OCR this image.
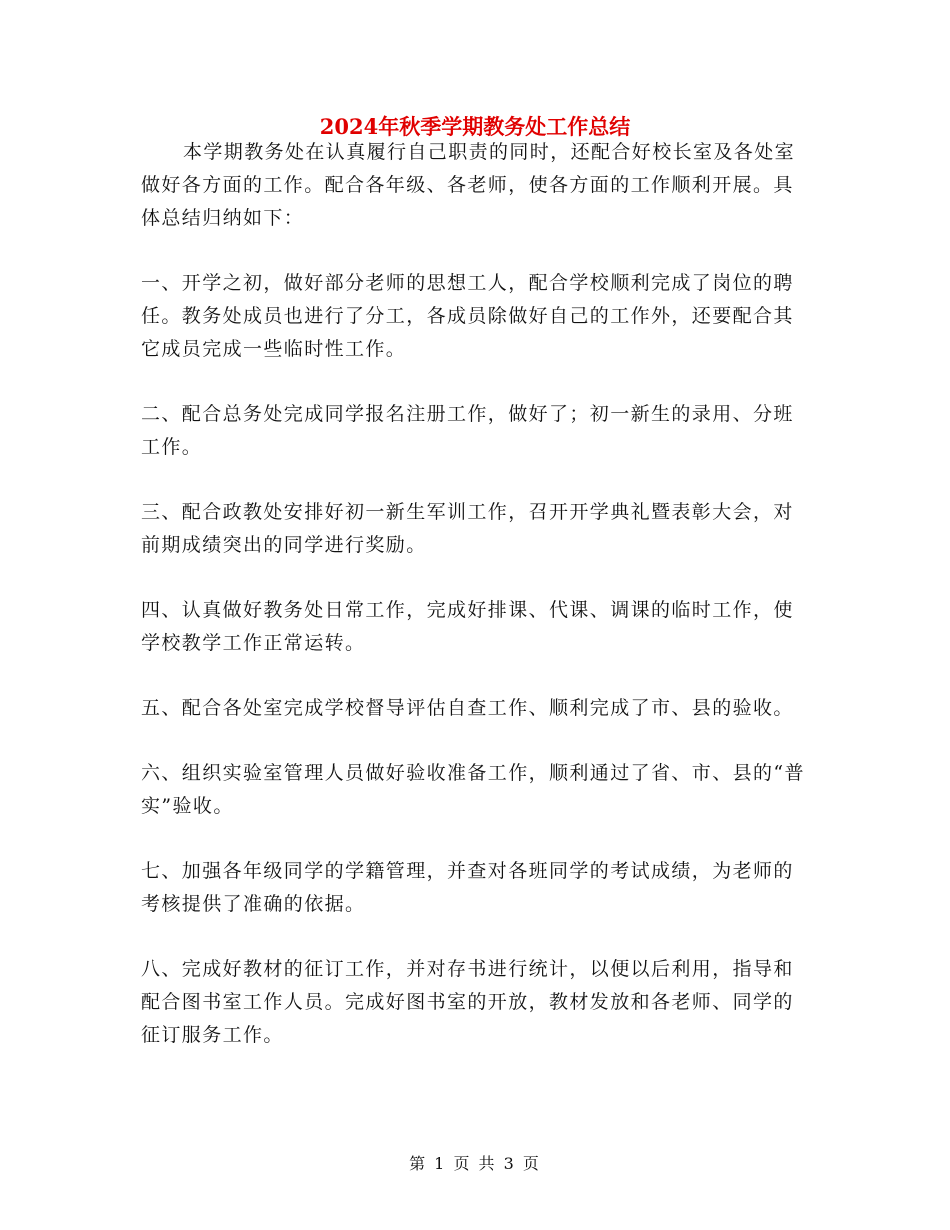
2024年秋季学期教务处工作总结

本学期教务处在认真履行自己职责的同时，还配合好校长室及各处室做好各方面的工作。配合各年级、各老师，使各方面的工作顺利开展。具体总结归纳如下：

一、开学之初，做好部分老师的思想工人，配合学校顺利完成了岗位的聘任。教务处成员也进行了分工，各成员除做好自己的工作外，还要配合其它成员完成一些临时性工作。

二、配合总务处完成同学报名注册工作，做好了；初一新生的录用、分班工作。

三、配合政教处安排好初一新生军训工作，召开开学典礼暨表彰大会，对前期成绩突出的同学进行奖励。

四、认真做好教务处日常工作，完成好排课、代课、调课的临时工作，使学校教学工作正常运转。

五、配合各处室完成学校督导评估自查工作、顺利完成了市、县的验收。

六、组织实验室管理人员做好验收准备工作，顺利通过了省、市、县的“普实”验收。

七、加强各年级同学的学籍管理，并查对各班同学的考试成绩，为老师的考核提供了准确的依据。

八、完成好教材的征订工作，并对存书进行统计，以便以后利用，指导和配合图书室工作人员。完成好图书室的开放，教材发放和各老师、同学的征订服务工作。

第 1 页 共 3 页
